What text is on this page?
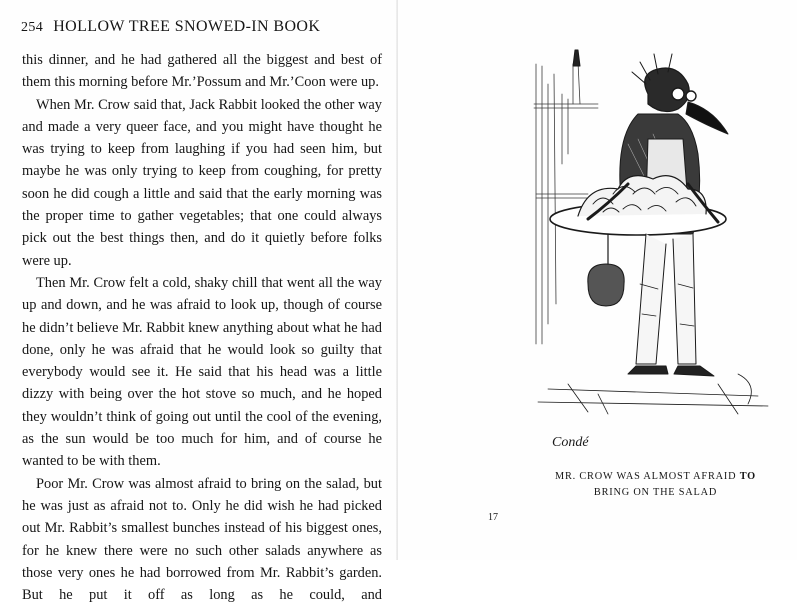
254 HOLLOW TREE SNOWED-IN BOOK

this dinner, and he had gathered all the biggest and best of them this morning before Mr.’Possum and Mr.’Coon were up.

When Mr. Crow said that, Jack Rabbit looked the other way and made a very queer face, and you might have thought he was trying to keep from laughing if you had seen him, but maybe he was only trying to keep from coughing, for pretty soon he did cough a little and said that the early morning was the proper time to gather vegetables; that one could always pick out the best things then, and do it quietly before folks were up.

Then Mr. Crow felt a cold, shaky chill that went all the way up and down, and he was afraid to look up, though of course he didn’t believe Mr. Rabbit knew anything about what he had done, only he was afraid that he would look so guilty that everybody would see it. He said that his head was a little dizzy with being over the hot stove so much, and he hoped they wouldn’t think of going out until the cool of the evening, as the sun would be too much for him, and of course he wanted to be with them.

Poor Mr. Crow was almost afraid to bring on the salad, but he was just as afraid not to. Only he did wish he had picked out Mr. Rabbit’s smallest bunches instead of his biggest ones, for he knew there were no such other salads anywhere as those very ones he had borrowed from Mr. Rabbit’s garden. But he put it off as long as he could, and

Condé
MR. CROW WAS ALMOST AFRAID TO
BRING ON THE SALAD
17
